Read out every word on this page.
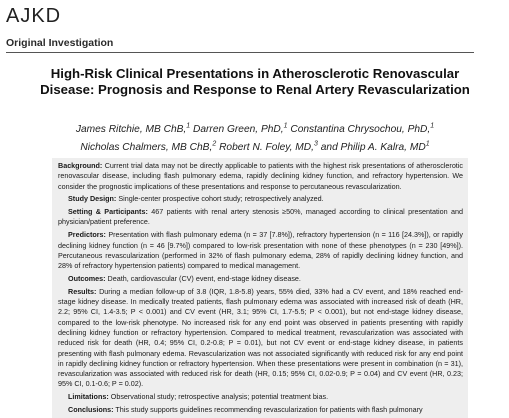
AJKD
Original Investigation
High-Risk Clinical Presentations in Atherosclerotic Renovascular Disease: Prognosis and Response to Renal Artery Revascularization
James Ritchie, MB ChB,$^1$ Darren Green, PhD,$^1$ Constantina Chrysochou, PhD,$^1$
Nicholas Chalmers, MB ChB,$^2$ Robert N. Foley, MD,$^3$ and Philip A. Kalra, $MD^1$

Background: Current trial data may not be directly applicable to patients with the highest risk presentations of atherosclerotic renovascular disease, including flash pulmonary edema, rapidly declining kidney function, and refractory hypertension. We consider the prognostic implications of these presentations and response to percutaneous revascularization.

Study Design: Single-center prospective cohort study; retrospectively analyzed.

Setting & Participants: 467 patients with renal artery stenosis ≥50%, managed according to clinical presentation and physician/patient preference.

Predictors: Presentation with flash pulmonary edema (n = 37 [7.8%]), refractory hypertension (n = 116 [24.3%]), or rapidly declining kidney function (n = 46 [9.7%]) compared to low-risk presentation with none of these phenotypes (n = 230 [49%]). Percutaneous revascularization (performed in 32% of flash pulmonary edema, 28% of rapidly declining kidney function, and 28% of refractory hypertension patients) compared to medical management.

Outcomes: Death, cardiovascular (CV) event, end-stage kidney disease.

Results: During a median follow-up of 3.8 (IQR, 1.8-5.8) years, 55% died, 33% had a CV event, and 18% reached end-stage kidney disease. In medically treated patients, flash pulmonary edema was associated with increased risk of death (HR, 2.2; 95% CI, 1.4-3.5; P < 0.001) and CV event (HR, 3.1; 95% CI, 1.7-5.5; P < 0.001), but not end-stage kidney disease, compared to the low-risk phenotype. No increased risk for any end point was observed in patients presenting with rapidly declining kidney function or refractory hypertension. Compared to medical treatment, revascularization was associated with reduced risk for death (HR, 0.4; 95% CI, 0.2-0.8; P = 0.01), but not CV event or end-stage kidney disease, in patients presenting with flash pulmonary edema. Revascularization was not associated significantly with reduced risk for any end point in rapidly declining kidney function or refractory hypertension. When these presentations were present in combination (n = 31), revascularization was associated with reduced risk for death (HR, 0.15; 95% CI, 0.02-0.9; P = 0.04) and CV event (HR, 0.23; 95% CI, 0.1-0.6; P = 0.02).

Limitations: Observational study; retrospective analysis; potential treatment bias.

Conclusions: This study supports guidelines recommending revascularization for patients with flash pulmonary
